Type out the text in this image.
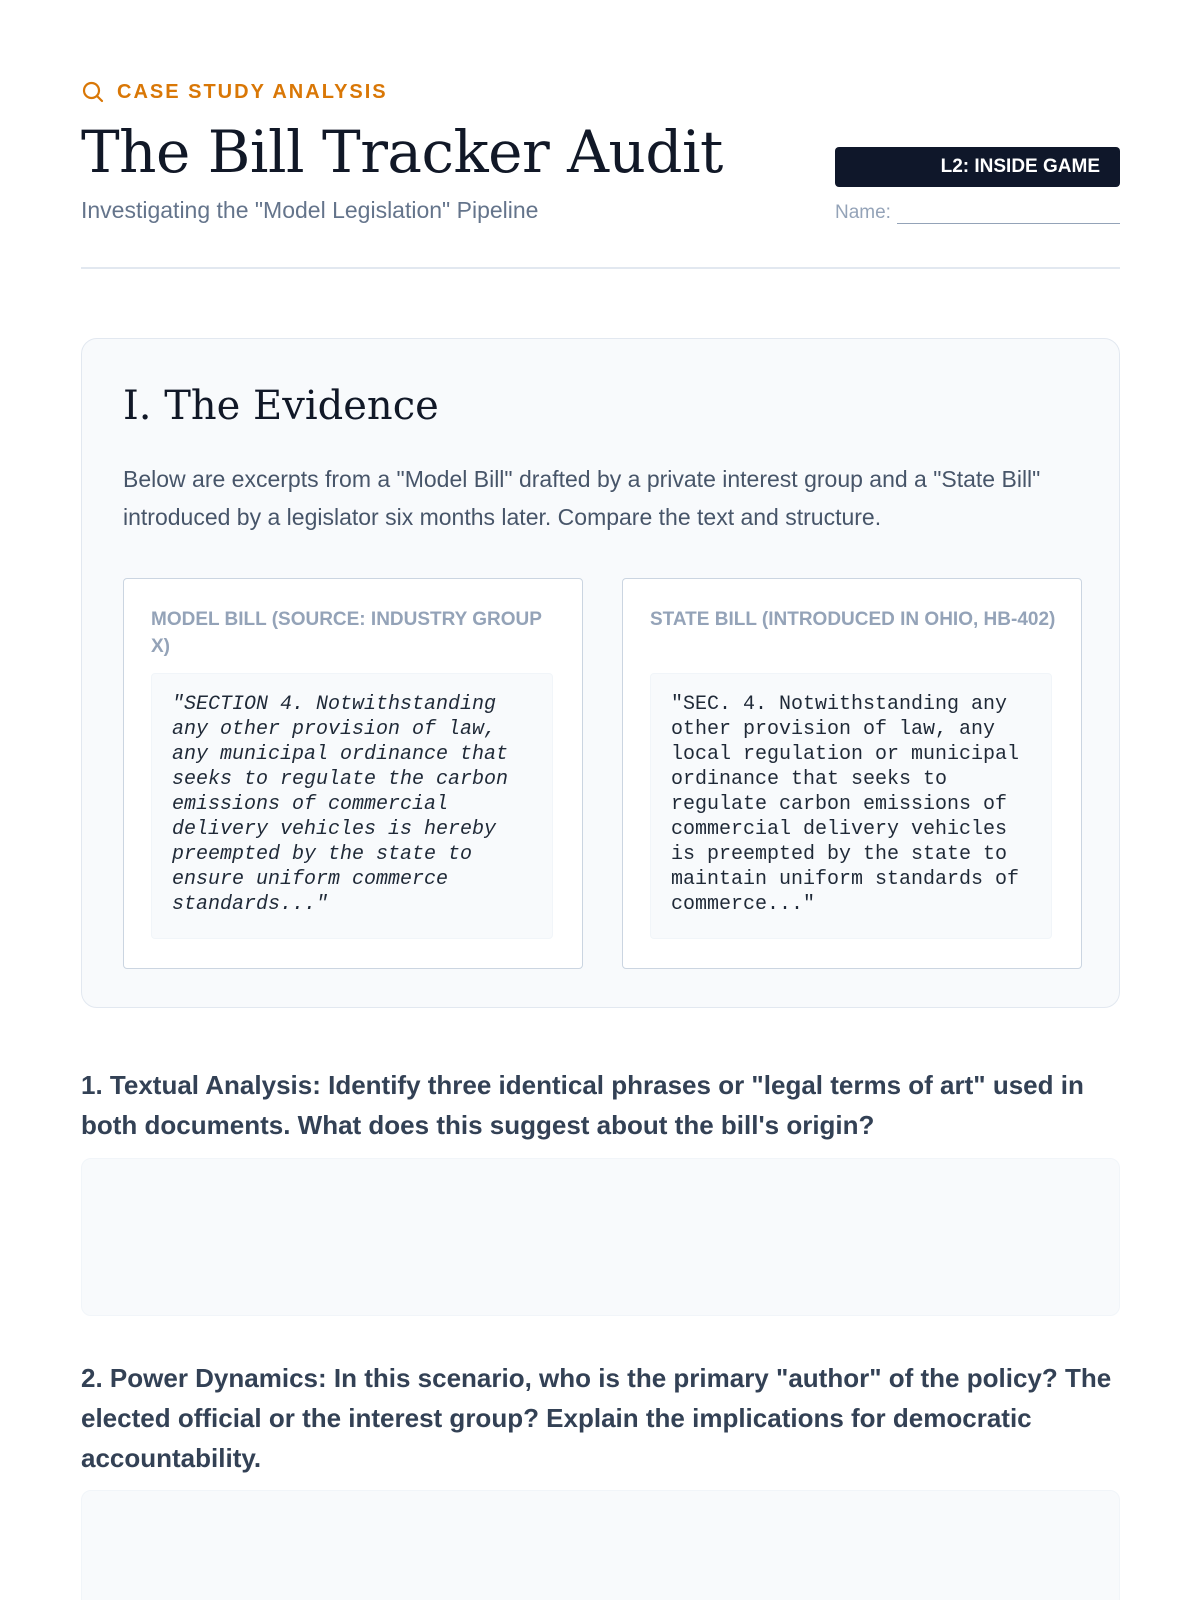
CASE STUDY ANALYSIS
The Bill Tracker Audit
Investigating the "Model Legislation" Pipeline
L2: INSIDE GAME
Name:
I. The Evidence

Below are excerpts from a "Model Bill" drafted by a private interest group and a "State Bill" introduced by a legislator six months later. Compare the text and structure.

MODEL BILL (SOURCE: INDUSTRY GROUP X)
"SECTION 4. Notwithstanding any other provision of law, any municipal ordinance that seeks to regulate the carbon emissions of commercial delivery vehicles is hereby preempted by the state to ensure uniform commerce standards..."
STATE BILL (INTRODUCED IN OHIO, HB-402)
"SEC. 4. Notwithstanding any other provision of law, any local regulation or municipal ordinance that seeks to regulate carbon emissions of commercial delivery vehicles is preempted by the state to maintain uniform standards of commerce..."

1. Textual Analysis: Identify three identical phrases or "legal terms of art" used in both documents. What does this suggest about the bill's origin?

2. Power Dynamics: In this scenario, who is the primary "author" of the policy? The elected official or the interest group? Explain the implications for democratic accountability.
